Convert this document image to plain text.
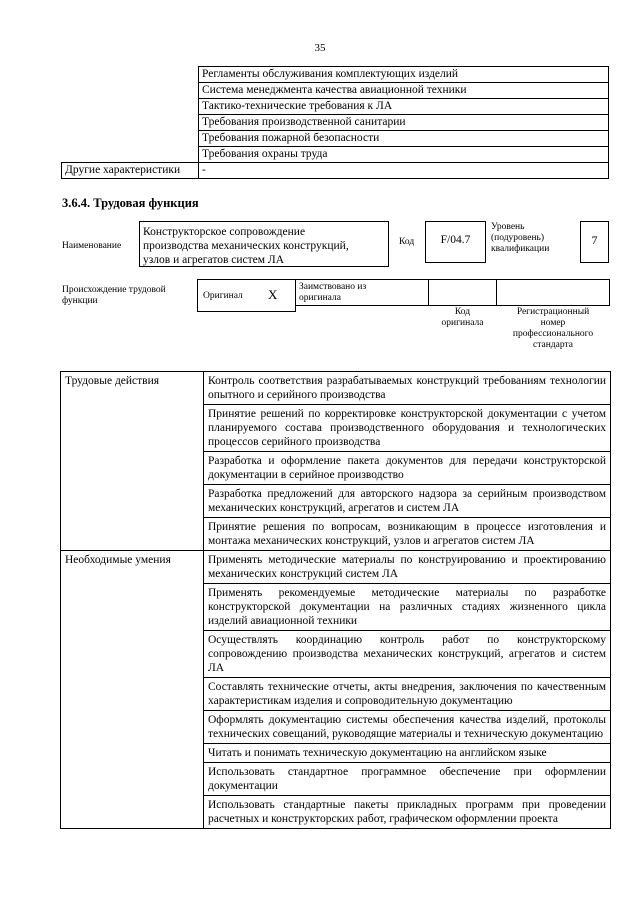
35
	Регламенты обслуживания комплектующих изделий
	Система менеджмента качества авиационной техники
	Тактико-технические требования к ЛА
	Требования производственной санитарии
	Требования пожарной безопасности
	Требования охраны труда
Другие характеристики	-
3.6.4. Трудовая функция
Наименование
Конструкторское сопровождение
производства механических конструкций,
узлов и агрегатов систем ЛА
Код	F/04.7
Уровень
(подуровень)
квалификации
7
Происхождение трудовой
функции	Оригинал X Заимствовано из
оригинала
Код
оригинала
Регистрационный
номер
профессионального
стандарта
Трудовые действия	Контроль соответствия разрабатываемых конструкций требованиям технологии опытного и серийного производства
	Принятие решений по корректировке конструкторской документации с учетом планируемого состава производственного оборудования и технологических процессов серийного производства
	Разработка и оформление пакета документов для передачи конструкторской документации в серийное производство
	Разработка предложений для авторского надзора за серийным производством механических конструкций, агрегатов и систем ЛА
	Принятие решения по вопросам, возникающим в процессе изготовления и монтажа механических конструкций, узлов и агрегатов систем ЛА
Необходимые умения	Применять методические материалы по конструированию и проектированию механических конструкций систем ЛА
	Применять рекомендуемые методические материалы по разработке конструкторской документации на различных стадиях жизненного цикла изделий авиационной техники
	Осуществлять координацию контроль работ по конструкторскому сопровождению производства механических конструкций, агрегатов и систем ЛА
	Составлять технические отчеты, акты внедрения, заключения по качественным характеристикам изделия и сопроводительную документацию
	Оформлять документацию системы обеспечения качества изделий, протоколы технических совещаний, руководящие материалы и техническую документацию
	Читать и понимать техническую документацию на английском языке
	Использовать стандартное программное обеспечение при оформлении документации
	Использовать стандартные пакеты прикладных программ при проведении расчетных и конструкторских работ, графическом оформлении проекта
